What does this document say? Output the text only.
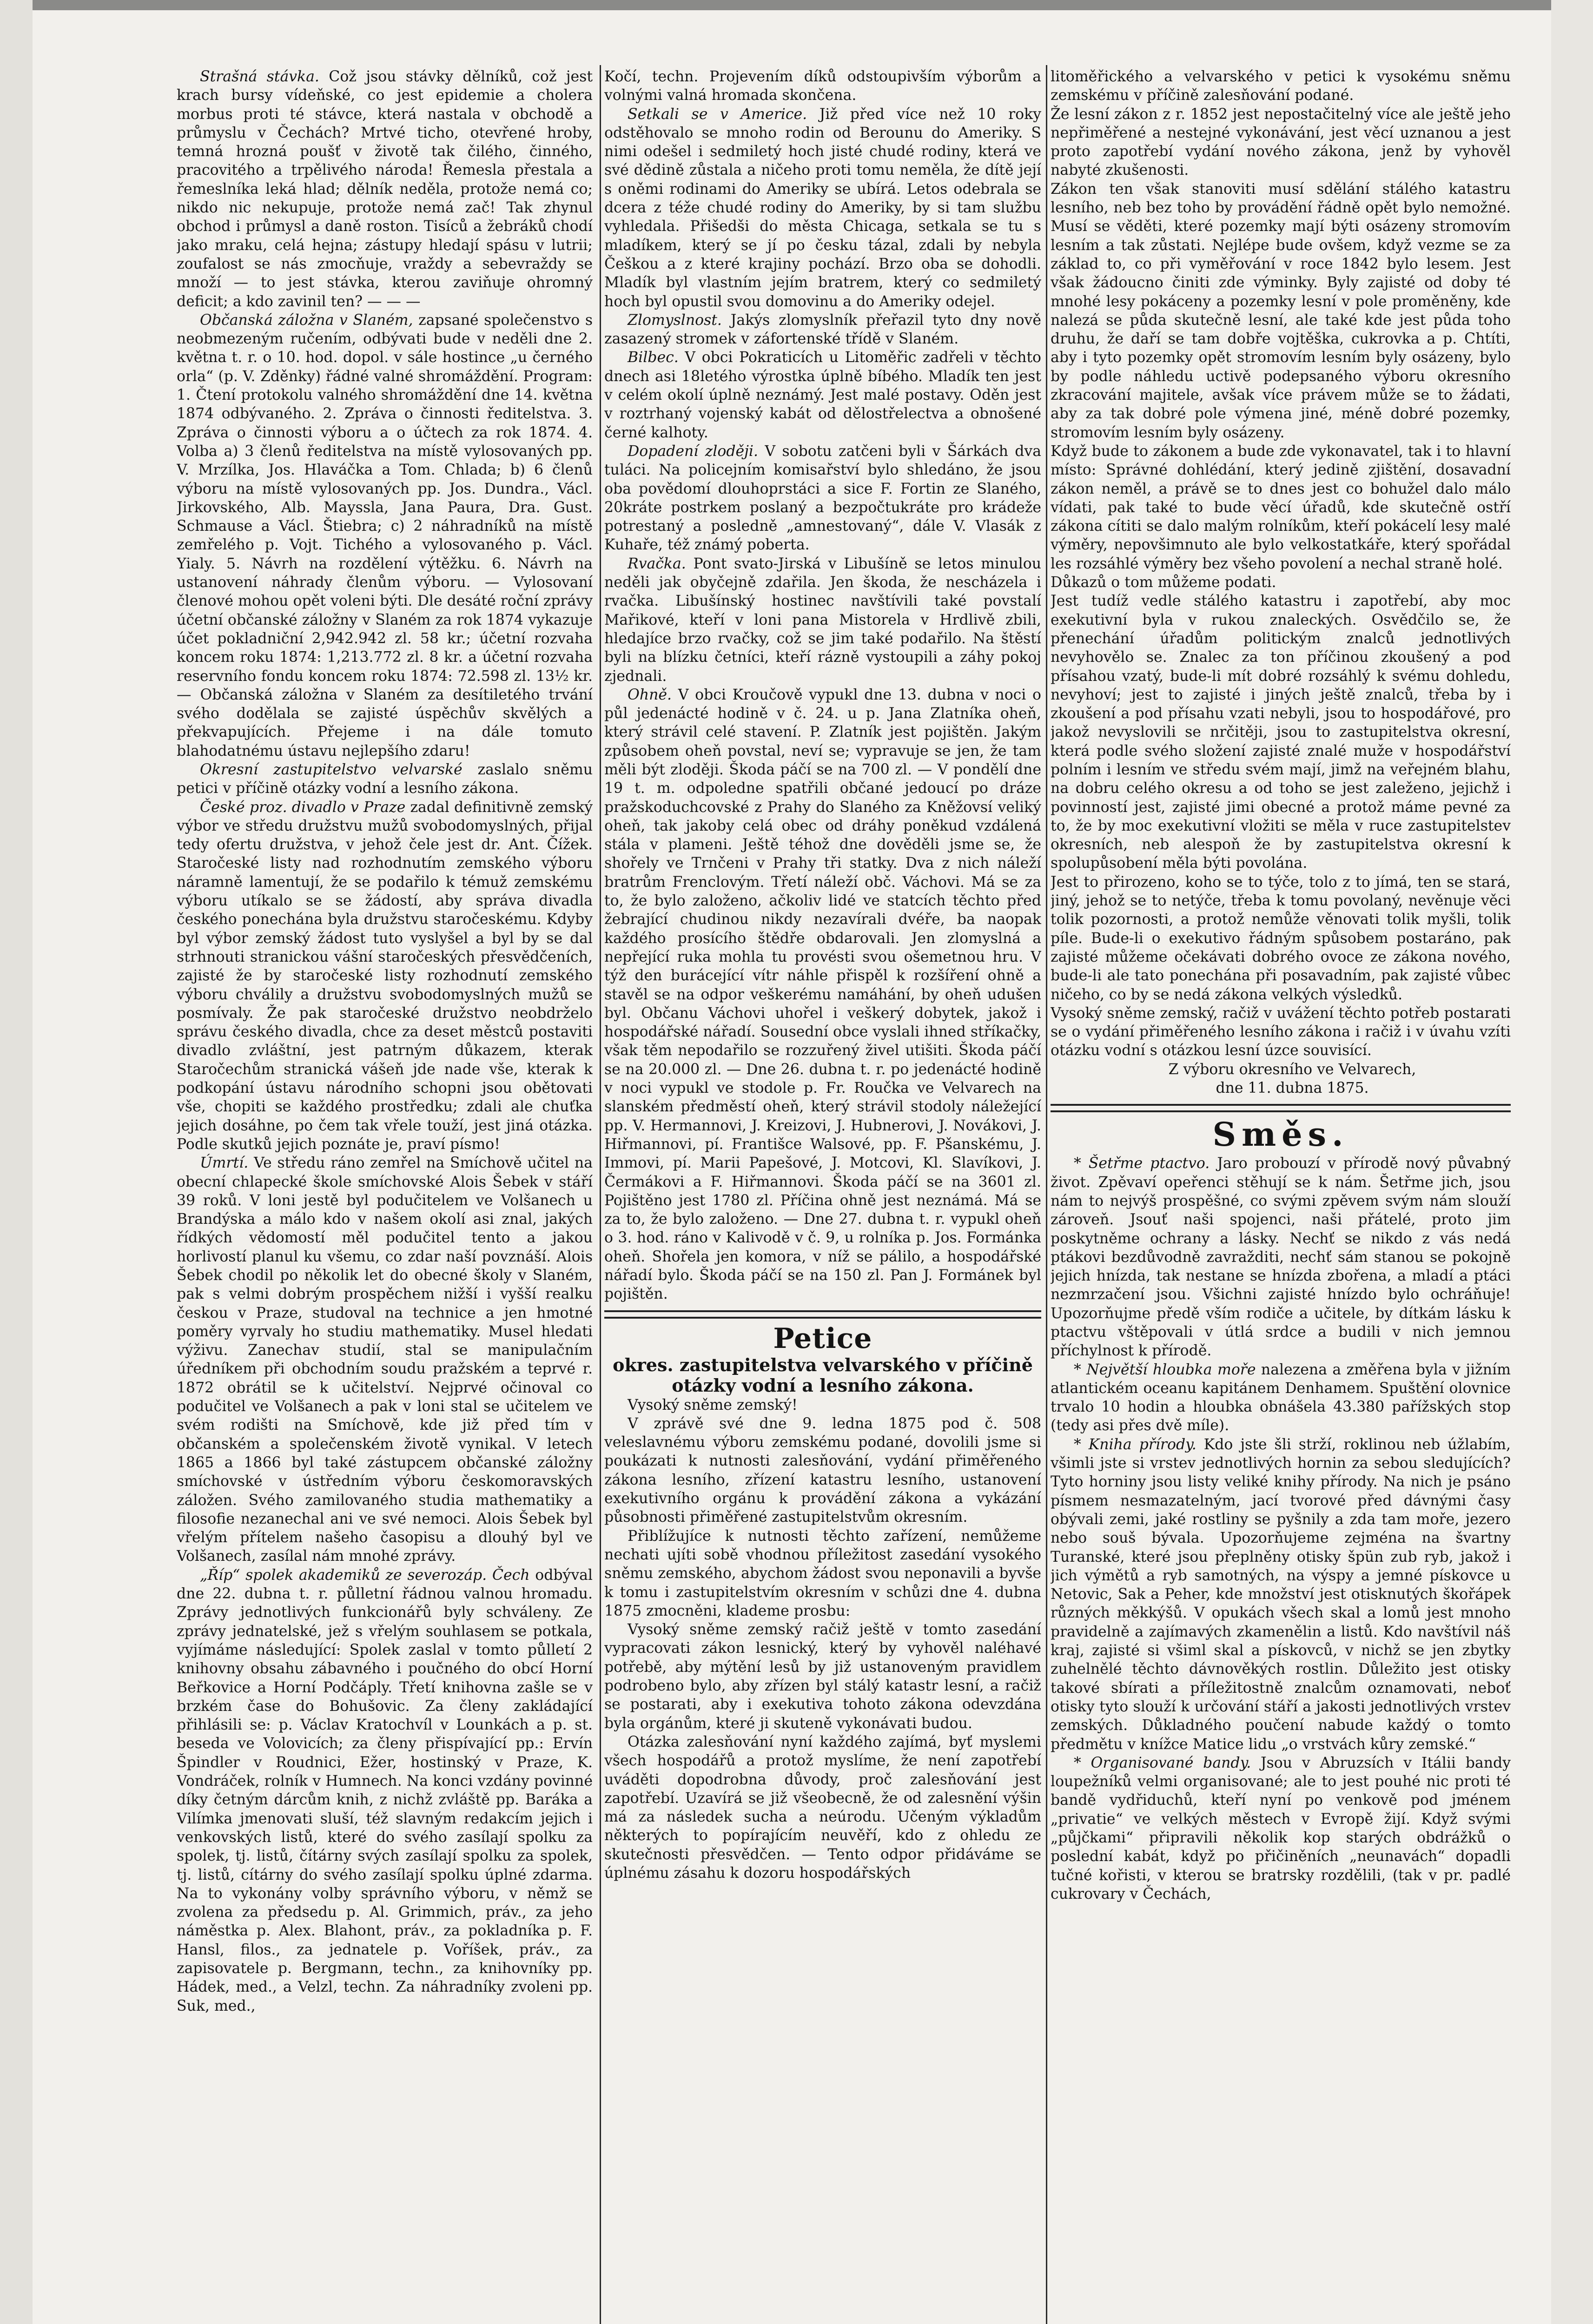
Strašná stávka. Což jsou stávky dělníků, což jest krach bursy vídeňské, co jest epidemie a cholera morbus proti té stávce, která nastala v obchodě a průmyslu v Čechách? Mrtvé ticho, otevřené hroby, temná hrozná poušť v životě tak čilého, činného, pracovitého a trpělivého národa! Řemesla přestala a řemeslníka leká hlad; dělník neděla, protože nemá co; nikdo nic nekupuje, protože nemá zač! Tak zhynul obchod i průmysl a daně roston. Tisíců a žebráků chodí jako mraku, celá hejna; zástupy hledají spásu v lutrii; zoufalost se nás zmocňuje, vraždy a sebevraždy se množí — to jest stávka, kterou zaviňuje ohromný deficit; a kdo zavinil ten? — — —

Občanská záložna v Slaném, zapsané společenstvo s neobmezeným ručením, odbývati bude v neděli dne 2. května t. r. o 10. hod. dopol. v sále hostince „u černého orla“ (p. V. Zděnky) řádné valné shromáždění. Program: 1. Čtení protokolu valného shromáždění dne 14. května 1874 odbývaného. 2. Zpráva o činnosti ředitelstva. 3. Zpráva o činnosti výboru a o účtech za rok 1874. 4. Volba a) 3 členů ředitelstva na místě vylosovaných pp. V. Mrzílka, Jos. Hlaváčka a Tom. Chlada; b) 6 členů výboru na místě vylosovaných pp. Jos. Dundra., Václ. Jirkovského, Alb. Mayssla, Jana Paura, Dra. Gust. Schmause a Václ. Štiebra; c) 2 náhradníků na místě zemřelého p. Vojt. Tichého a vylosovaného p. Václ. Yialy. 5. Návrh na rozdělení výtěžku. 6. Návrh na ustanovení náhrady členům výboru. — Vylosovaní členové mohou opět voleni býti. Dle desáté roční zprávy účetní občanské záložny v Slaném za rok 1874 vykazuje účet pokladniční 2,942.942 zl. 58 kr.; účetní rozvaha koncem roku 1874: 1,213.772 zl. 8 kr. a účetní rozvaha reservního fondu koncem roku 1874: 72.598 zl. 13½ kr. — Občanská záložna v Slaném za desítiletého trvání svého dodělala se zajisté úspěchův skvělých a překvapujících. Přejeme i na dále tomuto blahodatnému ústavu nejlepšího zdaru!

Okresní zastupitelstvo velvarské zaslalo sněmu petici v příčině otázky vodní a lesního zákona.

České proz. divadlo v Praze zadal definitivně zemský výbor ve středu družstvu mužů svobodomyslných, přijal tedy ofertu družstva, v jehož čele jest dr. Ant. Čížek. Staročeské listy nad rozhodnutím zemského výboru náramně lamentují, že se podařilo k témuž zemskému výboru utíkalo se se žádostí, aby správa divadla českého ponechána byla družstvu staročeskému. Kdyby byl výbor zemský žádost tuto vyslyšel a byl by se dal strhnouti stranickou vášní staročeských přesvědčeních, zajisté že by staročeské listy rozhodnutí zemského výboru chválily a družstvu svobodomyslných mužů se posmívaly. Že pak staročeské družstvo neobdrželo správu českého divadla, chce za deset městců postaviti divadlo zvláštní, jest patrným důkazem, kterak Staročechům stranická vášeň jde nade vše, kterak k podkopání ústavu národního schopni jsou obětovati vše, chopiti se každého prostředku; zdali ale chuťka jejich dosáhne, po čem tak vřele touží, jest jiná otázka. Podle skutků jejich poznáte je, praví písmo!

Úmrtí. Ve středu ráno zemřel na Smíchově učitel na obecní chlapecké škole smíchovské Alois Šebek v stáří 39 roků. V loni jestě byl podučitelem ve Volšanech u Brandýska a málo kdo v našem okolí asi znal, jakých řídkých vědomostí měl podučitel tento a jakou horlivostí planul ku všemu, co zdar naší povznáší. Alois Šebek chodil po několik let do obecné školy v Slaném, pak s velmi dobrým prospěchem nižší i vyšší realku českou v Praze, studoval na technice a jen hmotné poměry vyrvaly ho studiu mathematiky. Musel hledati výživu. Zanechav studií, stal se manipulačním úředníkem při obchodním soudu pražském a teprvé r. 1872 obrátil se k učitelství. Nejprvé očinoval co podučitel ve Volšanech a pak v loni stal se učitelem ve svém rodišti na Smíchově, kde již před tím v občanském a společenském životě vynikal. V letech 1865 a 1866 byl také zástupcem občanské záložny smíchovské v ústředním výboru českomoravských záložen. Svého zamilovaného studia mathematiky a filosofie nezanechal ani ve své nemoci. Alois Šebek byl vřelým přítelem našeho časopisu a dlouhý byl ve Volšanech, zasílal nám mnohé zprávy.

„Říp“ spolek akademiků ze severozáp. Čech odbýval dne 22. dubna t. r. půlletní řádnou valnou hromadu. Zprávy jednotlivých funkcionářů byly schváleny. Ze zprávy jednatelské, jež s vřelým souhlasem se potkala, vyjímáme následující: Spolek zaslal v tomto půlletí 2 knihovny obsahu zábavného i poučného do obcí Horní Beřkovice a Horní Podčáply. Třetí knihovna zašle se v brzkém čase do Bohušovic. Za členy zakládající přihlásili se: p. Václav Kratochvíl v Lounkách a p. st. beseda ve Volovicích; za členy přispívající pp.: Ervín Špindler v Roudnici, Ežer, hostinský v Praze, K. Vondráček, rolník v Humnech. Na konci vzdány povinné díky četným dárcům knih, z nichž zvláště pp. Baráka a Vilímka jmenovati sluší, též slavným redakcím jejich i venkovských listů, které do svého zasílají spolku za spolek, tj. listů, čítárny svých zasílají spolku za spolek, tj. listů, cítárny do svého zasílají spolku úplné zdarma. Na to vykonány volby správního výboru, v němž se zvolena za předsedu p. Al. Grimmich, práv., za jeho náměstka p. Alex. Blahont, práv., za pokladníka p. F. Hansl, filos., za jednatele p. Voříšek, práv., za zapisovatele p. Bergmann, techn., za knihovníky pp. Hádek, med., a Velzl, techn. Za náhradníky zvoleni pp. Suk, med.,

Kočí, techn. Projevením díků odstoupivším výborům a volnými valná hromada skončena.

Setkali se v Americe. Již před více než 10 roky odstěhovalo se mnoho rodin od Berounu do Ameriky. S nimi odešel i sedmiletý hoch jisté chudé rodiny, která ve své dědině zůstala a ničeho proti tomu neměla, že dítě její s oněmi rodinami do Ameriky se ubírá. Letos odebrala se dcera z téže chudé rodiny do Ameriky, by si tam službu vyhledala. Přišedši do města Chicaga, setkala se tu s mladíkem, který se jí po česku tázal, zdali by nebyla Češkou a z které krajiny pochází. Brzo oba se dohodli. Mladík byl vlastním jejím bratrem, který co sedmiletý hoch byl opustil svou domovinu a do Ameriky odejel.

Zlomyslnost. Jakýs zlomyslník přeřazil tyto dny nově zasazený stromek v záfortenské třídě v Slaném.

Bilbec. V obci Pokraticích u Litoměřic zadřeli v těchto dnech asi 18letého výrostka úplně bíbého. Mladík ten jest v celém okolí úplně neznámý. Jest malé postavy. Oděn jest v roztrhaný vojenský kabát od dělostřelectva a obnošené černé kalhoty.

Dopadení zloději. V sobotu zatčeni byli v Šárkách dva tuláci. Na policejním komisařství bylo shledáno, že jsou oba povědomí dlouhoprstáci a sice F. Fortin ze Slaného, 20kráte postrkem poslaný a bezpočtukráte pro krádeže potrestaný a posledně „amnestovaný“, dále V. Vlasák z Kuhaře, též známý poberta.

Rvačka. Pont svato-Jirská v Libušíně se letos minulou neděli jak obyčejně zdařila. Jen škoda, že nescházela i rvačka. Libušínský hostinec navštívili také povstalí Mařikové, kteří v loni pana Mistorela v Hrdlivě zbili, hledajíce brzo rvačky, což se jim také podařilo. Na štěstí byli na blízku četníci, kteří rázně vystoupili a záhy pokoj zjednali.

Ohně. V obci Kroučově vypukl dne 13. dubna v noci o půl jedenácté hodině v č. 24. u p. Jana Zlatníka oheň, který strávil celé stavení. P. Zlatník jest pojištěn. Jakým způsobem oheň povstal, neví se; vypravuje se jen, že tam měli být zloději. Škoda páčí se na 700 zl. — V pondělí dne 19 t. m. odpoledne spatřili občané jedoucí po dráze pražskoduchcovské z Prahy do Slaného za Kněžovsí veliký oheň, tak jakoby celá obec od dráhy poněkud vzdálená stála v plameni. Ještě téhož dne dověděli jsme se, že shořely ve Trnčeni v Prahy tři statky. Dva z nich náleží bratrům Frenclovým. Třetí náleží obč. Váchovi. Má se za to, že bylo založeno, ačkoliv lidé ve statcích těchto před žebrající chudinou nikdy nezavírali dvéře, ba naopak každého prosícího štědře obdarovali. Jen zlomyslná a nepřející ruka mohla tu provésti svou ošemetnou hru. V týž den burácející vítr náhle přispěl k rozšíření ohně a stavěl se na odpor veškerému namáhání, by oheň udušen byl. Občanu Váchovi uhořel i veškerý dobytek, jakož i hospodářské nářadí. Sousední obce vyslali ihned stříkačky, však těm nepodařilo se rozzuřený živel utišiti. Škoda páčí se na 20.000 zl. — Dne 26. dubna t. r. po jedenácté hodině v noci vypukl ve stodole p. Fr. Roučka ve Velvarech na slanském předměstí oheň, který strávil stodoly náležející pp. V. Hermannovi, J. Kreizovi, J. Hubnerovi, J. Novákovi, J. Hiřmannovi, pí. Františce Walsové, pp. F. Pšanskému, J. Immovi, pí. Marii Papešové, J. Motcovi, Kl. Slavíkovi, J. Čermákovi a F. Hiřmannovi. Škoda páčí se na 3601 zl. Pojištěno jest 1780 zl. Příčina ohně jest neznámá. Má se za to, že bylo založeno. — Dne 27. dubna t. r. vypukl oheň o 3. hod. ráno v Kalivodě v č. 9, u rolníka p. Jos. Formánka oheň. Shořela jen komora, v níž se pálilo, a hospodářské nářadí bylo. Škoda páčí se na 150 zl. Pan J. Formánek byl pojištěn.

Petice
okres. zastupitelstva velvarského v příčině otázky vodní a lesního zákona.

Vysoký sněme zemský!

V zprávě své dne 9. ledna 1875 pod č. 508 veleslavnému výboru zemskému podané, dovolili jsme si poukázati k nutnosti zalesňování, vydání přiměřeného zákona lesního, zřízení katastru lesního, ustanovení exekutivního orgánu k provádění zákona a vykázání působnosti přiměřené zastupitelstvům okresním.

Přiblížujíce k nutnosti těchto zařízení, nemůžeme nechati ujíti sobě vhodnou příležitost zasedání vysokého sněmu zemského, abychom žádost svou neponavili a byvše k tomu i zastupitelstvím okresním v schůzi dne 4. dubna 1875 zmocněni, klademe prosbu:

Vysoký sněme zemský račiž ještě v tomto zasedání vypracovati zákon lesnický, který by vyhověl naléhavé potřebě, aby mýtění lesů by již ustanoveným pravidlem podrobeno bylo, aby zřízen byl stálý katastr lesní, a račiž se postarati, aby i exekutiva tohoto zákona odevzdána byla orgánům, které ji skuteně vykonávati budou.

Otázka zalesňování nyní každého zajímá, byť myslemi všech hospodářů a protož myslíme, že není zapotřebí uváděti dopodrobna důvody, proč zalesňování jest zapotřebí. Uzavírá se již všeobecně, že od zalesnění výšin má za následek sucha a neúrodu. Učeným výkladům některých to popírajícím neuvěří, kdo z ohledu ze skutečnosti přesvědčen. — Tento odpor přidáváme se úplnému zásahu k dozoru hospodářských

litoměřického a velvarského v petici k vysokému sněmu zemskému v příčině zalesňování podané.

Že lesní zákon z r. 1852 jest nepostačitelný více ale ještě jeho nepřiměřené a nestejné vykonávání, jest věcí uznanou a jest proto zapotřebí vydání nového zákona, jenž by vyhověl nabyté zkušenosti.

Zákon ten však stanoviti musí sdělání stálého katastru lesního, neb bez toho by provádění řádně opět bylo nemožné. Musí se věděti, které pozemky mají býti osázeny stromovím lesním a tak zůstati. Nejlépe bude ovšem, když vezme se za základ to, co při vyměřování v roce 1842 bylo lesem. Jest však žádoucno činiti zde výminky. Byly zajisté od doby té mnohé lesy pokáceny a pozemky lesní v pole proměněny, kde nalezá se půda skutečně lesní, ale také kde jest půda toho druhu, že daří se tam dobře vojtěška, cukrovka a p. Chtíti, aby i tyto pozemky opět stromovím lesním byly osázeny, bylo by podle náhledu uctivě podepsaného výboru okresního zkracování majitele, avšak více právem může se to žádati, aby za tak dobré pole výmena jiné, méně dobré pozemky, stromovím lesním byly osázeny.

Když bude to zákonem a bude zde vykonavatel, tak i to hlavní místo: Správné dohlédání, který jedině zjištění, dosavadní zákon neměl, a právě se to dnes jest co bohužel dalo málo vídati, pak také to bude věcí úřadů, kde skutečně ostří zákona cítiti se dalo malým rolníkům, kteří pokácelí lesy malé výměry, nepovšimnuto ale bylo velkostatkáře, který spořádal les rozsáhlé výměry bez všeho povolení a nechal straně holé.

Důkazů o tom můžeme podati.

Jest tudíž vedle stálého katastru i zapotřebí, aby moc exekutivní byla v rukou znaleckých. Osvědčilo se, že přenechání úřadům politickým znalců jednotlivých nevyhovělo se. Znalec za ton příčinou zkoušený a pod přísahou vzatý, bude-li mít dobré rozsáhlý k svému dohledu, nevyhoví; jest to zajisté i jiných ještě znalců, třeba by i zkoušení a pod přísahu vzati nebyli, jsou to hospodářové, pro jakož nevyslovili se nrčitěji, jsou to zastupitelstva okresní, která podle svého složení zajisté znalé muže v hospodářství polním i lesním ve středu svém mají, jimž na veřejném blahu, na dobru celého okresu a od toho se jest zaleženo, jejichž i povinností jest, zajisté jimi obecné a protož máme pevné za to, že by moc exekutivní vložiti se měla v ruce zastupitelstev okresních, neb alespoň že by zastupitelstva okresní k spolupůsobení měla býti povolána.

Jest to přirozeno, koho se to týče, tolo z to jímá, ten se stará, jiný, jehož se to netýče, třeba k tomu povolaný, nevěnuje věci tolik pozornosti, a protož nemůže věnovati tolik myšli, tolik píle. Bude-li o exekutivo řádným spůsobem postaráno, pak zajisté můžeme očekávati dobrého ovoce ze zákona nového, bude-li ale tato ponechána při posavadním, pak zajisté vůbec ničeho, co by se nedá zákona velkých výsledků.

Vysoký sněme zemský, račiž v uvážení těchto potřeb postarati se o vydání přiměřeného lesního zákona i račiž i v úvahu vzíti otázku vodní s otázkou lesní úzce souvisící.

Z výboru okresního ve Velvarech,

dne 11. dubna 1875.

Směs.

* Šetřme ptactvo. Jaro probouzí v přírodě nový půvabný život. Zpěvaví opeřenci stěhují se k nám. Šetřme jich, jsou nám to nejvýš prospěšné, co svými zpěvem svým nám slouží zároveň. Jsouť naši spojenci, naši přátelé, proto jim poskytněme ochrany a lásky. Nechť se nikdo z vás nedá ptákovi bezdůvodně zavražditi, nechť sám stanou se pokojně jejich hnízda, tak nestane se hnízda zbořena, a mladí a ptáci nezmrzačení jsou. Všichni zajisté hnízdo bylo ochráňuje! Upozorňujme předě vším rodiče a učitele, by dítkám lásku k ptactvu vštěpovali v útlá srdce a budili v nich jemnou příchylnost k přírodě.

* Největší hloubka moře nalezena a změřena byla v jižním atlantickém oceanu kapitánem Denhamem. Spuštění olovnice trvalo 10 hodin a hloubka obnášela 43.380 pařížských stop (tedy asi přes dvě míle).

* Kniha přírody. Kdo jste šli strží, roklinou neb úžlabím, všimli jste si vrstev jednotlivých hornin za sebou sledujících? Tyto horniny jsou listy veliké knihy přírody. Na nich je psáno písmem nesmazatelným, jací tvorové před dávnými časy obývali zemi, jaké rostliny se pyšnily a zda tam moře, jezero nebo souš bývala. Upozorňujeme zejména na švartny Turanské, které jsou přeplněny otisky špün zub ryb, jakož i jich výmětů a ryb samotných, na výspy a jemné pískovce u Netovic, Sak a Peher, kde množství jest otisknutých škořápek různých měkkýšů. V opukách všech skal a lomů jest mnoho pravidelně a zajímavých zkamenělin a listů. Kdo navštívil náš kraj, zajisté si všiml skal a pískovců, v nichž se jen zbytky zuhelnělé těchto dávnověkých rostlin. Důležito jest otisky takové sbírati a příležitostně znalcům oznamovati, neboť otisky tyto slouží k určování stáří a jakosti jednotlivých vrstev zemských. Důkladného poučení nabude každý o tomto předmětu v knížce Matice lidu „o vrstvách kůry zemské.“

* Organisované bandy. Jsou v Abruzsích v Itálii bandy loupežníků velmi organisované; ale to jest pouhé nic proti té bandě vydřiduchů, kteří nyní po venkově pod jménem „privatie“ ve velkých městech v Evropě žijí. Když svými „půjčkami“ připravili několik kop starých obdrážků o poslední kabát, když po přičiněních „neunavách“ dopadli tučné kořisti, v kterou se bratrsky rozdělili, (tak v pr. padlé cukrovary v Čechách,
